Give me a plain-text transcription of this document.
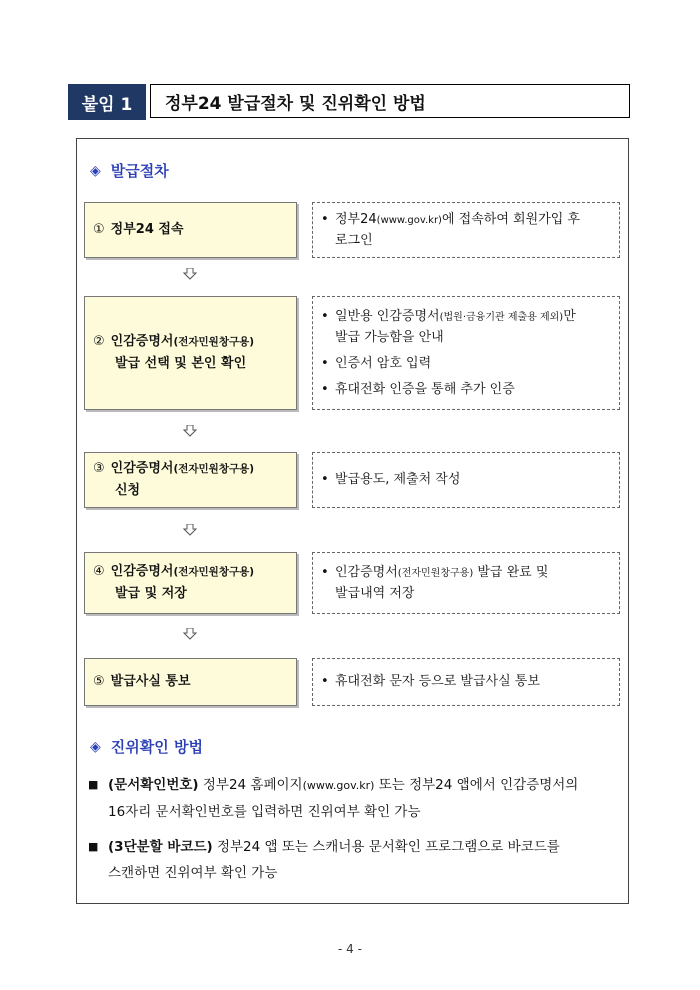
붙임 1	정부24 발급절차 및 진위확인 방법
◈ 발급절차
① 정부24 접속
• 정부24(www.gov.kr)에 접속하여 회원가입 후
로그인
② 인감증명서(전자민원창구용)
발급 선택 및 본인 확인
• 일반용 인감증명서(법원·금융기관 제출용 제외)만
발급 가능함을 안내
• 인증서 암호 입력
• 휴대전화 인증을 통해 추가 인증
③ 인감증명서(전자민원창구용)
신청
• 발급용도, 제출처 작성
④ 인감증명서(전자민원창구용)
발급 및 저장
• 인감증명서(전자민원창구용) 발급 완료 및
발급내역 저장
⑤ 발급사실 통보	• 휴대전화 문자 등으로 발급사실 통보
◈ 진위확인 방법
■ (문서확인번호) 정부24 홈페이지(www.gov.kr) 또는 정부24 앱에서 인감증명서의
16자리 문서확인번호를 입력하면 진위여부 확인 가능
■ (3단분할 바코드) 정부24 앱 또는 스캐너용 문서확인 프로그램으로 바코드를
스캔하면 진위여부 확인 가능
- 4 -
